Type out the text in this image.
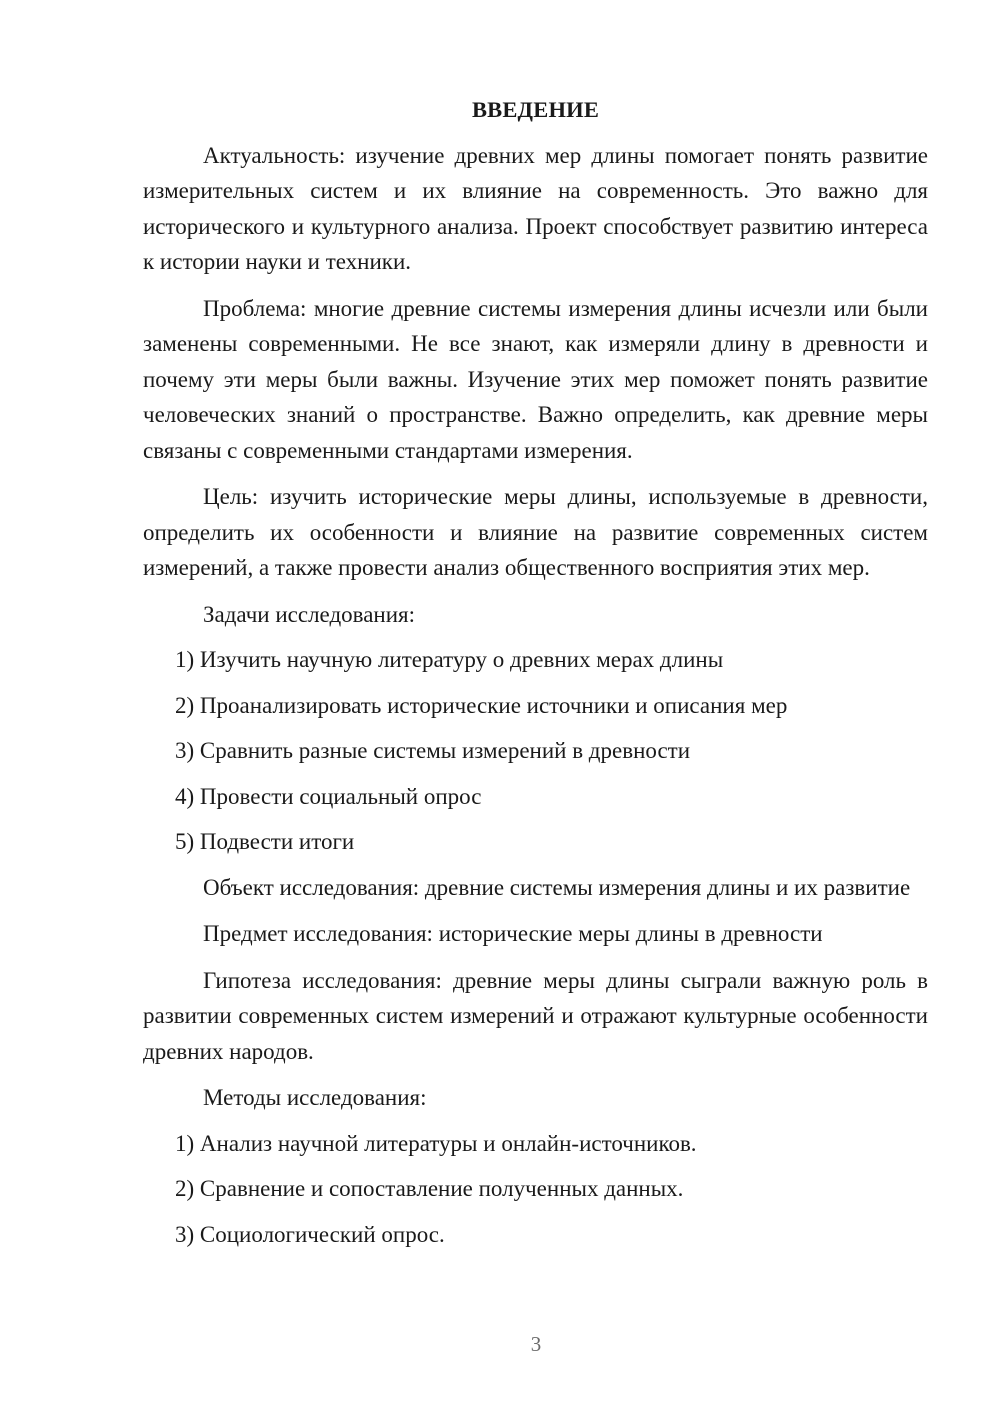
ВВЕДЕНИЕ

Актуальность: изучение древних мер длины помогает понять развитие измерительных систем и их влияние на современность. Это важно для исторического и культурного анализа. Проект способствует развитию интереса к истории науки и техники.

Проблема: многие древние системы измерения длины исчезли или были заменены современными. Не все знают, как измеряли длину в древности и почему эти меры были важны. Изучение этих мер поможет понять развитие человеческих знаний о пространстве. Важно определить, как древние меры связаны с современными стандартами измерения.

Цель: изучить исторические меры длины, используемые в древности, определить их особенности и влияние на развитие современных систем измерений, а также провести анализ общественного восприятия этих мер.

Задачи исследования:

1) Изучить научную литературу о древних мерах длины

2) Проанализировать исторические источники и описания мер

3) Сравнить разные системы измерений в древности

4) Провести социальный опрос

5) Подвести итоги

Объект исследования: древние системы измерения длины и их развитие

Предмет исследования: исторические меры длины в древности

Гипотеза исследования: древние меры длины сыграли важную роль в развитии современных систем измерений и отражают культурные особенности древних народов.

Методы исследования:

1) Анализ научной литературы и онлайн-источников.

2) Сравнение и сопоставление полученных данных.

3) Социологический опрос.

3
